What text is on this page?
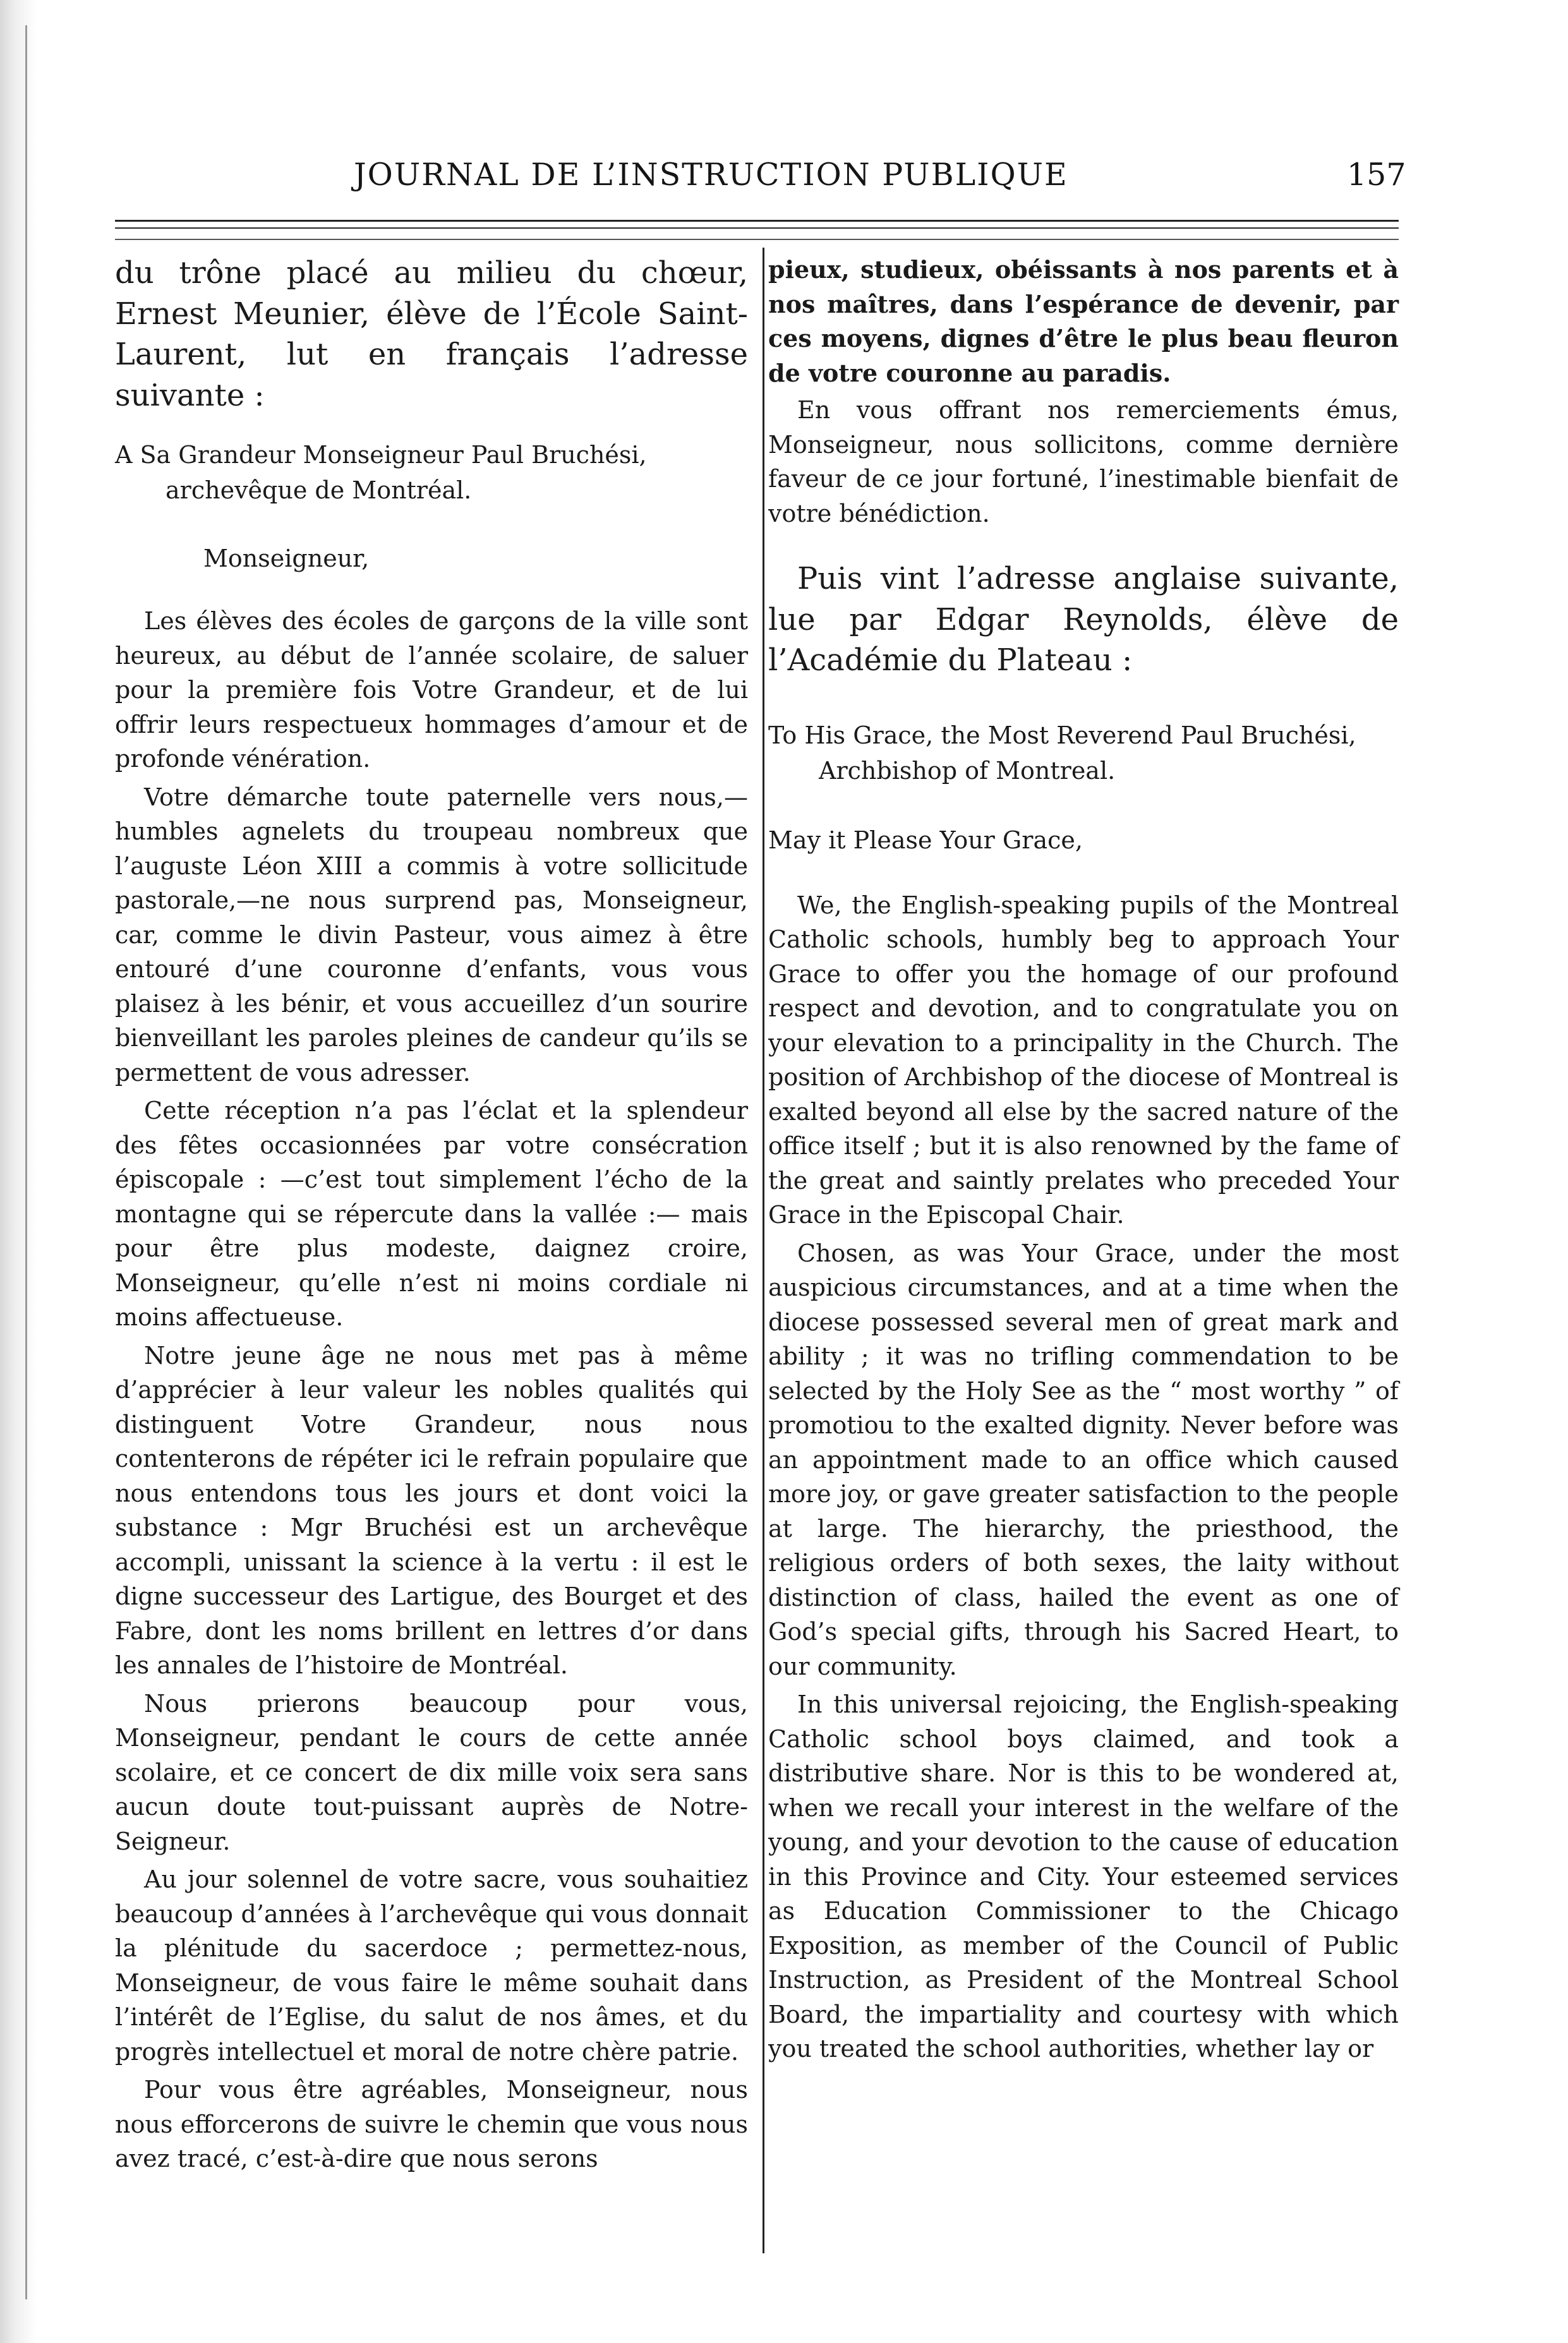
JOURNAL DE L’INSTRUCTION PUBLIQUE	157

du trône placé au milieu du chœur, Ernest Meunier, élève de l’École Saint-Laurent, lut en français l’adresse suivante :

A Sa Grandeur Monseigneur Paul Bruchési, archevêque de Montréal.

Monseigneur,

Les élèves des écoles de garçons de la ville sont heureux, au début de l’année scolaire, de saluer pour la première fois Votre Grandeur, et de lui offrir leurs respectueux hommages d’amour et de profonde vénération.

Votre démarche toute paternelle vers nous,— humbles agnelets du troupeau nombreux que l’auguste Léon XIII a commis à votre sollicitude pastorale,—ne nous surprend pas, Monseigneur, car, comme le divin Pasteur, vous aimez à être entouré d’une couronne d’enfants, vous vous plaisez à les bénir, et vous accueillez d’un sourire bienveillant les paroles pleines de candeur qu’ils se permettent de vous adresser.

Cette réception n’a pas l’éclat et la splendeur des fêtes occasionnées par votre consécration épiscopale : —c’est tout simplement l’écho de la montagne qui se répercute dans la vallée :— mais pour être plus modeste, daignez croire, Monseigneur, qu’elle n’est ni moins cordiale ni moins affectueuse.

Notre jeune âge ne nous met pas à même d’apprécier à leur valeur les nobles qualités qui distinguent Votre Grandeur, nous nous contenterons de répéter ici le refrain populaire que nous entendons tous les jours et dont voici la substance : Mgr Bruchési est un archevêque accompli, unissant la science à la vertu : il est le digne successeur des Lartigue, des Bourget et des Fabre, dont les noms brillent en lettres d’or dans les annales de l’histoire de Montréal.

Nous prierons beaucoup pour vous, Monseigneur, pendant le cours de cette année scolaire, et ce concert de dix mille voix sera sans aucun doute tout-puissant auprès de Notre-Seigneur.

Au jour solennel de votre sacre, vous souhaitiez beaucoup d’années à l’archevêque qui vous donnait la plénitude du sacerdoce ; permettez-nous, Monseigneur, de vous faire le même souhait dans l’intérêt de l’Eglise, du salut de nos âmes, et du progrès intellectuel et moral de notre chère patrie.

Pour vous être agréables, Monseigneur, nous nous efforcerons de suivre le chemin que vous nous avez tracé, c’est-à-dire que nous serons

pieux, studieux, obéissants à nos parents et à nos maîtres, dans l’espérance de devenir, par ces moyens, dignes d’être le plus beau fleuron de votre couronne au paradis.

En vous offrant nos remerciements émus, Monseigneur, nous sollicitons, comme dernière faveur de ce jour fortuné, l’inestimable bienfait de votre bénédiction.

Puis vint l’adresse anglaise suivante, lue par Edgar Reynolds, élève de l’Académie du Plateau :

To His Grace, the Most Reverend Paul Bruchési, Archbishop of Montreal.

May it Please Your Grace,

We, the English-speaking pupils of the Montreal Catholic schools, humbly beg to approach Your Grace to offer you the homage of our profound respect and devotion, and to congratulate you on your elevation to a principality in the Church. The position of Archbishop of the diocese of Montreal is exalted beyond all else by the sacred nature of the office itself ; but it is also renowned by the fame of the great and saintly prelates who preceded Your Grace in the Episcopal Chair.

Chosen, as was Your Grace, under the most auspicious circumstances, and at a time when the diocese possessed several men of great mark and ability ; it was no trifling commendation to be selected by the Holy See as the “ most worthy ” of promotiou to the exalted dignity. Never before was an appointment made to an office which caused more joy, or gave greater satisfaction to the people at large. The hierarchy, the priesthood, the religious orders of both sexes, the laity without distinction of class, hailed the event as one of God’s special gifts, through his Sacred Heart, to our community.

In this universal rejoicing, the English-speaking Catholic school boys claimed, and took a distributive share. Nor is this to be wondered at, when we recall your interest in the welfare of the young, and your devotion to the cause of education in this Province and City. Your esteemed services as Education Commissioner to the Chicago Exposition, as member of the Council of Public Instruction, as President of the Montreal School Board, the impartiality and courtesy with which you treated the school authorities, whether lay or
